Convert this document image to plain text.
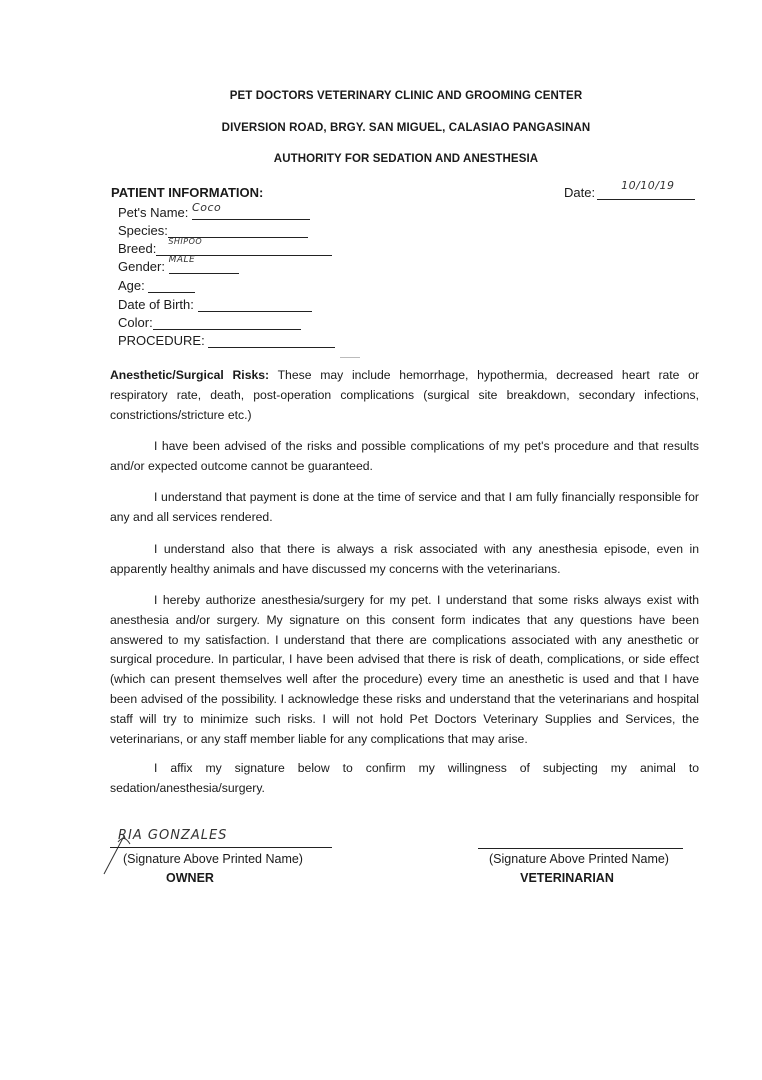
PET DOCTORS VETERINARY CLINIC AND GROOMING CENTER
DIVERSION ROAD, BRGY. SAN MIGUEL, CALASIAO PANGASINAN
AUTHORITY FOR SEDATION AND ANESTHESIA
PATIENT INFORMATION:	Date: 10/10/19
Pet's Name: Coco
Species:
Breed: SHIPOO
Gender: MALE
Age:
Date of Birth:
Color:
PROCEDURE:
Anesthetic/Surgical Risks: These may include hemorrhage, hypothermia, decreased heart rate or respiratory rate, death, post-operation complications (surgical site breakdown, secondary infections, constrictions/stricture etc.)
I have been advised of the risks and possible complications of my pet's procedure and that results and/or expected outcome cannot be guaranteed.
I understand that payment is done at the time of service and that I am fully financially responsible for any and all services rendered.
I understand also that there is always a risk associated with any anesthesia episode, even in apparently healthy animals and have discussed my concerns with the veterinarians.
I hereby authorize anesthesia/surgery for my pet. I understand that some risks always exist with anesthesia and/or surgery. My signature on this consent form indicates that any questions have been answered to my satisfaction. I understand that there are complications associated with any anesthetic or surgical procedure. In particular, I have been advised that there is risk of death, complications, or side effect (which can present themselves well after the procedure) every time an anesthetic is used and that I have been advised of the possibility. I acknowledge these risks and understand that the veterinarians and hospital staff will try to minimize such risks. I will not hold Pet Doctors Veterinary Supplies and Services, the veterinarians, or any staff member liable for any complications that may arise.
I affix my signature below to confirm my willingness of subjecting my animal to sedation/anesthesia/surgery.
RIA GONZALES
(Signature Above Printed Name)
OWNER
(Signature Above Printed Name)
VETERINARIAN
